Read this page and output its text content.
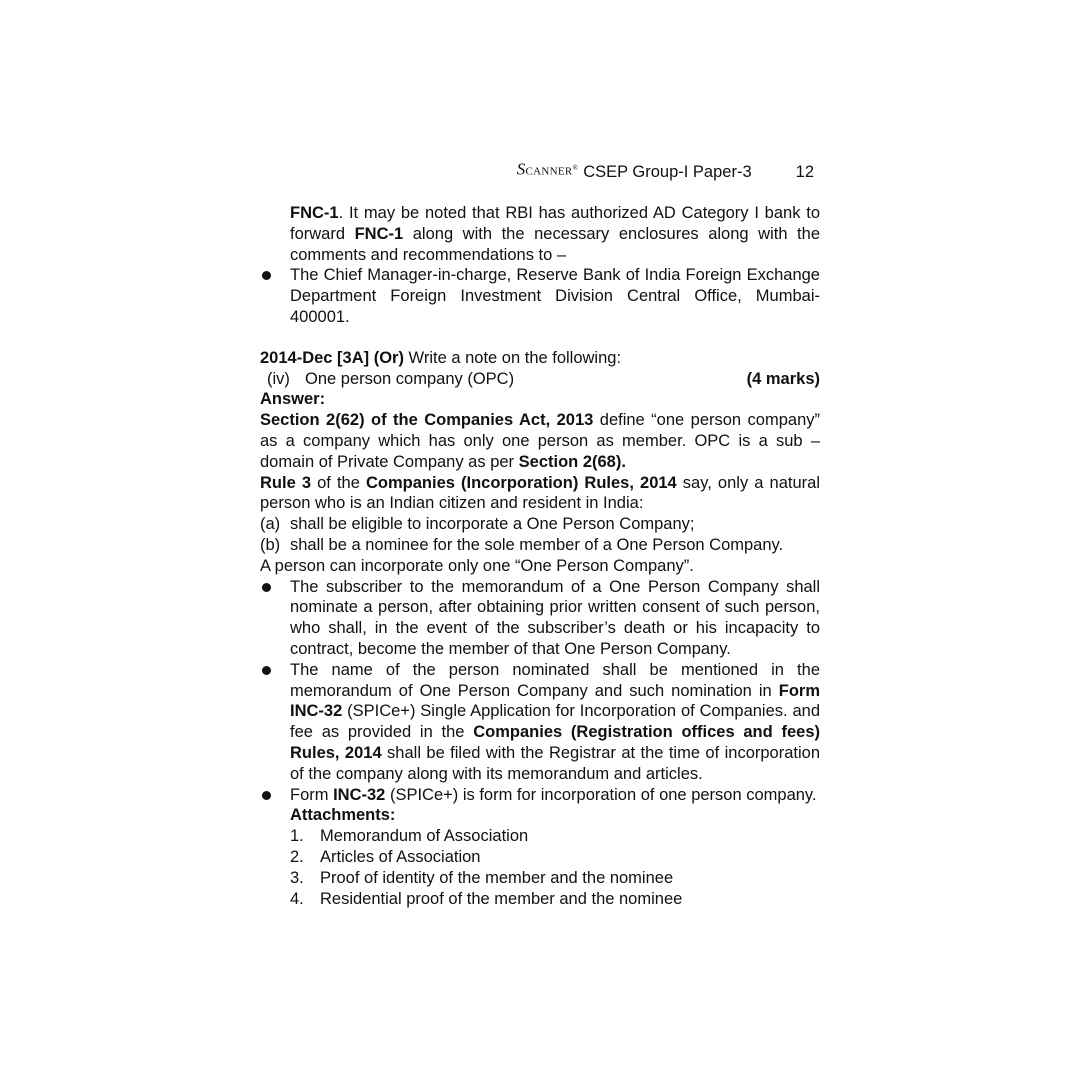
SCANNER® CSEP Group-I Paper-3	12

FNC-1. It may be noted that RBI has authorized AD Category I bank to forward FNC-1 along with the necessary enclosures along with the comments and recommendations to –

The Chief Manager-in-charge, Reserve Bank of India Foreign Exchange Department Foreign Investment Division Central Office, Mumbai-400001.

2014-Dec [3A] (Or) Write a note on the following:

(iv) One person company (OPC)	(4 marks)

Answer:

Section 2(62) of the Companies Act, 2013 define “one person company” as a company which has only one person as member. OPC is a sub – domain of Private Company as per Section 2(68).

Rule 3 of the Companies (Incorporation) Rules, 2014 say, only a natural person who is an Indian citizen and resident in India:

(a) shall be eligible to incorporate a One Person Company;
(b) shall be a nominee for the sole member of a One Person Company.

A person can incorporate only one “One Person Company”.

The subscriber to the memorandum of a One Person Company shall nominate a person, after obtaining prior written consent of such person, who shall, in the event of the subscriber’s death or his incapacity to contract, become the member of that One Person Company.
The name of the person nominated shall be mentioned in the memorandum of One Person Company and such nomination in Form INC-32 (SPICe+) Single Application for Incorporation of Companies. and fee as provided in the Companies (Registration offices and fees) Rules, 2014 shall be filed with the Registrar at the time of incorporation of the company along with its memorandum and articles.
Form INC-32 (SPICe+) is form for incorporation of one person company.

Attachments:

1. Memorandum of Association
2. Articles of Association
3. Proof of identity of the member and the nominee
4. Residential proof of the member and the nominee
